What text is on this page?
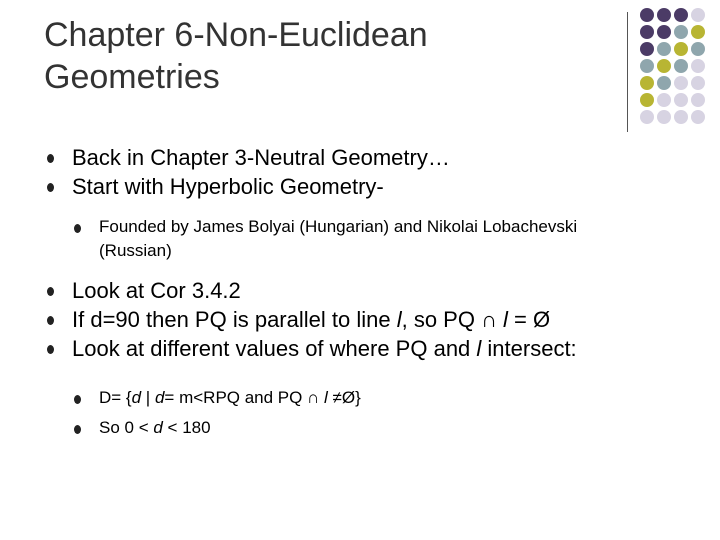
Chapter 6-Non-Euclidean Geometries
Back in Chapter 3-Neutral Geometry…
Start with Hyperbolic Geometry-
Founded by James Bolyai (Hungarian) and Nikolai Lobachevski (Russian)
Look at Cor 3.4.2
If d=90 then PQ is parallel to line l, so PQ ∩ l = Ø
Look at different values of where PQ and l intersect:
D= {d | d= m<RPQ and PQ ∩ l ≠Ø}
So 0 < d < 180
